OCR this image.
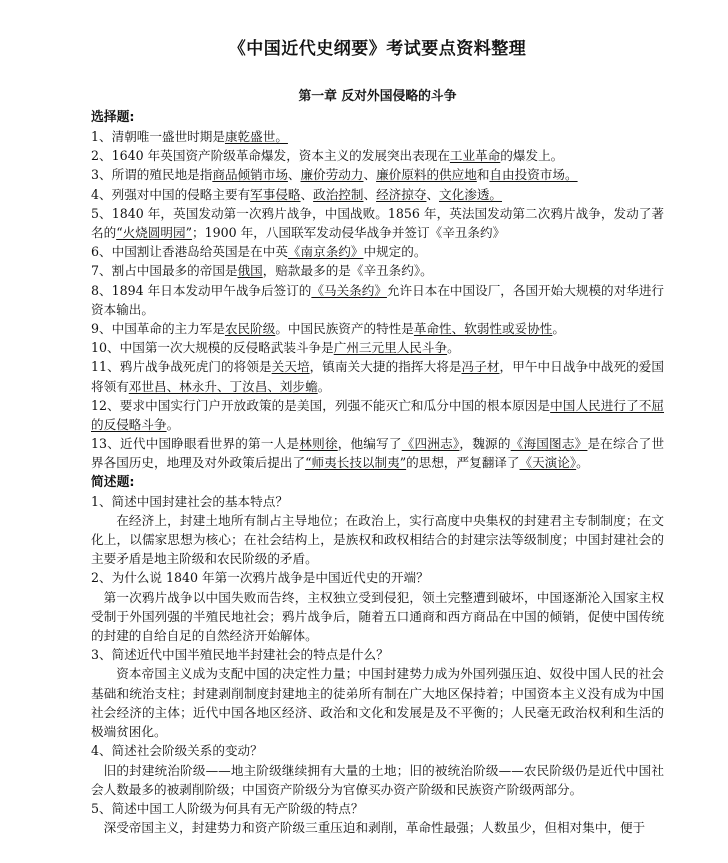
《中国近代史纲要》考试要点资料整理
第一章 反对外国侵略的斗争
选择题:
1、清朝唯一盛世时期是康乾盛世。
2、1640 年英国资产阶级革命爆发，资本主义的发展突出表现在工业革命的爆发上。
3、所谓的殖民地是指商品倾销市场、廉价劳动力、廉价原料的供应地和自由投资市场。
4、列强对中国的侵略主要有军事侵略、政治控制、经济掠夺、文化渗透。
5、1840 年，英国发动第一次鸦片战争，中国战败。1856 年，英法国发动第二次鸦片战争，发动了著名的“火烧圆明园”；1900 年，八国联军发动侵华战争并签订《辛丑条约》
6、中国割让香港岛给英国是在中英《南京条约》中规定的。
7、割占中国最多的帝国是俄国，赔款最多的是《辛丑条约》。
8、1894 年日本发动甲午战争后签订的《马关条约》允许日本在中国设厂，各国开始大规模的对华进行资本输出。
9、中国革命的主力军是农民阶级。中国民族资产的特性是革命性、软弱性或妥协性。
10、中国第一次大规模的反侵略武装斗争是广州三元里人民斗争。
11、鸦片战争战死虎门的将领是关天培，镇南关大捷的指挥大将是冯子材，甲午中日战争中战死的爱国将领有邓世昌、林永升、丁汝昌、刘步蟾。
12、要求中国实行门户开放政策的是美国，列强不能灭亡和瓜分中国的根本原因是中国人民进行了不屈的反侵略斗争。
13、近代中国睁眼看世界的第一人是林则徐，他编写了《四洲志》，魏源的《海国图志》是在综合了世界各国历史，地理及对外政策后提出了“师夷长技以制夷”的思想，严复翻译了《天演论》。
简述题:
1、简述中国封建社会的基本特点？
在经济上，封建土地所有制占主导地位；在政治上，实行高度中央集权的封建君主专制制度；在文化上，以儒家思想为核心；在社会结构上，是族权和政权相结合的封建宗法等级制度；中国封建社会的主要矛盾是地主阶级和农民阶级的矛盾。
2、为什么说 1840 年第一次鸦片战争是中国近代史的开端？
第一次鸦片战争以中国失败而告终，主权独立受到侵犯，领土完整遭到破坏，中国逐渐沦入国家主权受制于外国列强的半殖民地社会；鸦片战争后，随着五口通商和西方商品在中国的倾销，促使中国传统的封建的自给自足的自然经济开始解体。
3、简述近代中国半殖民地半封建社会的特点是什么？
资本帝国主义成为支配中国的决定性力量；中国封建势力成为外国列强压迫、奴役中国人民的社会基础和统治支柱；封建剥削制度封建地主的徒弟所有制在广大地区保持着；中国资本主义没有成为中国社会经济的主体；近代中国各地区经济、政治和文化和发展是及不平衡的；人民毫无政治权利和生活的极端贫困化。
4、简述社会阶级关系的变动？
旧的封建统治阶级——地主阶级继续拥有大量的土地；旧的被统治阶级——农民阶级仍是近代中国社会人数最多的被剥削阶级；中国资产阶级分为官僚买办资产阶级和民族资产阶级两部分。
5、简述中国工人阶级为何具有无产阶级的特点？
深受帝国主义，封建势力和资产阶级三重压迫和剥削，革命性最强；人数虽少，但相对集中，便于
